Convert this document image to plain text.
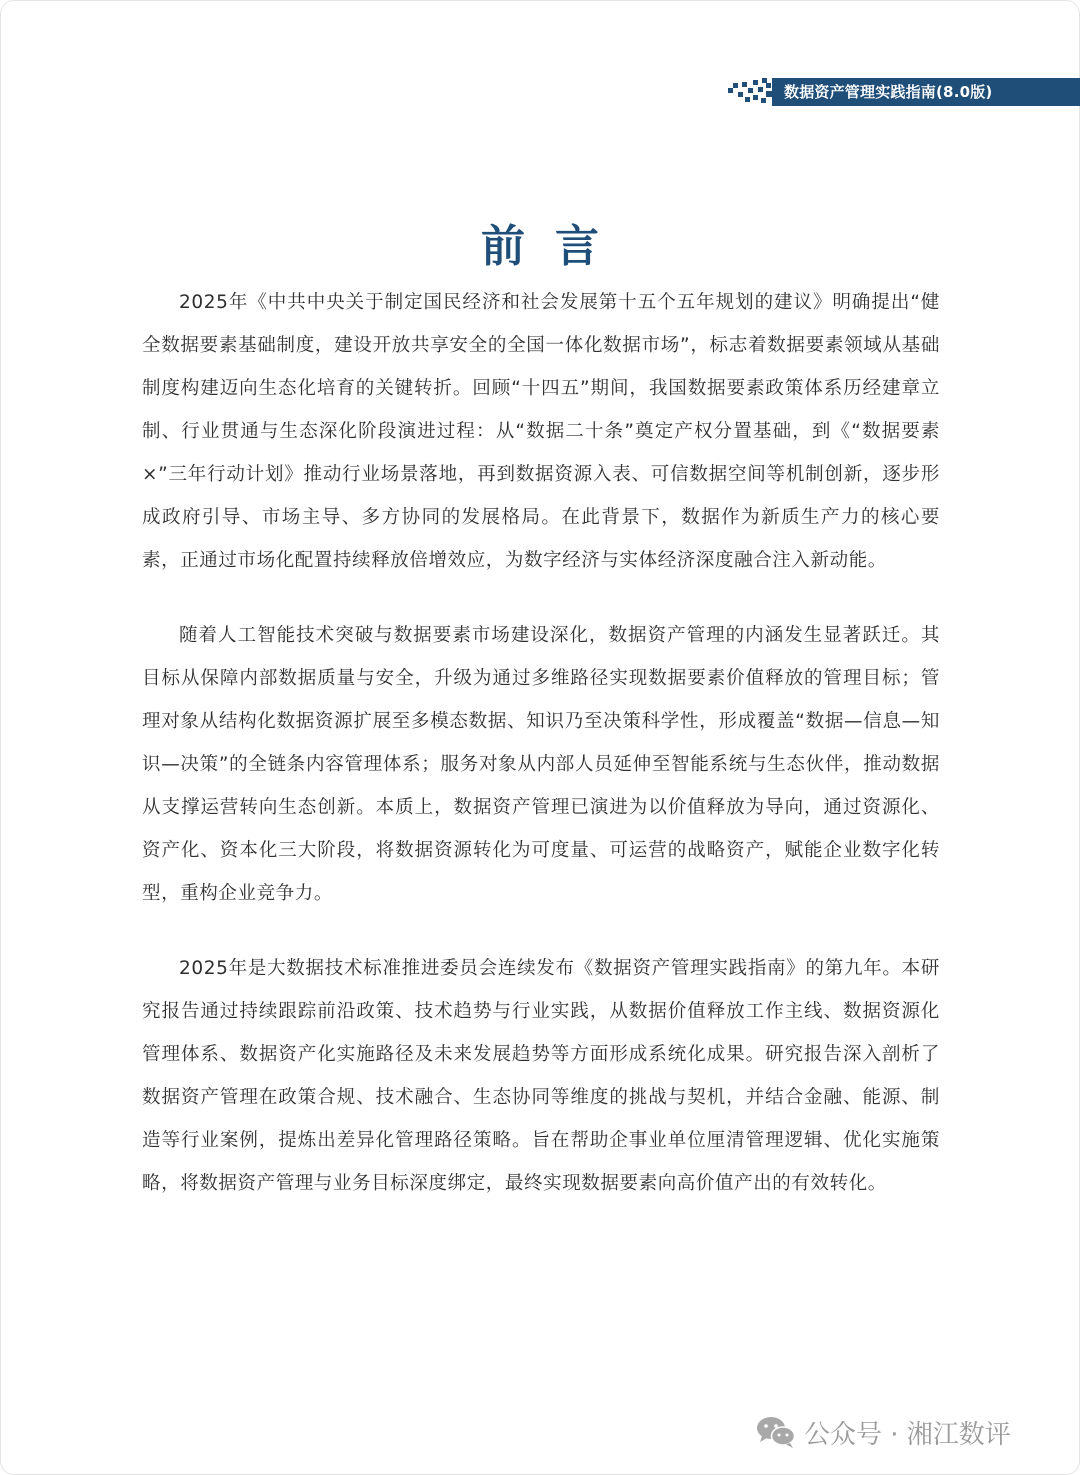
数据资产管理实践指南(8.0版)
前言

2025年《中共中央关于制定国民经济和社会发展第十五个五年规划的建议》明确提出“健全数据要素基础制度，建设开放共享安全的全国一体化数据市场”，标志着数据要素领域从基础制度构建迈向生态化培育的关键转折。回顾“十四五”期间，我国数据要素政策体系历经建章立制、行业贯通与生态深化阶段演进过程：从“数据二十条”奠定产权分置基础，到《“数据要素×”三年行动计划》推动行业场景落地，再到数据资源入表、可信数据空间等机制创新，逐步形成政府引导、市场主导、多方协同的发展格局。在此背景下，数据作为新质生产力的核心要素，正通过市场化配置持续释放倍增效应，为数字经济与实体经济深度融合注入新动能。

随着人工智能技术突破与数据要素市场建设深化，数据资产管理的内涵发生显著跃迁。其目标从保障内部数据质量与安全，升级为通过多维路径实现数据要素价值释放的管理目标；管理对象从结构化数据资源扩展至多模态数据、知识乃至决策科学性，形成覆盖“数据—信息—知识—决策”的全链条内容管理体系；服务对象从内部人员延伸至智能系统与生态伙伴，推动数据从支撑运营转向生态创新。本质上，数据资产管理已演进为以价值释放为导向，通过资源化、资产化、资本化三大阶段，将数据资源转化为可度量、可运营的战略资产，赋能企业数字化转型，重构企业竞争力。

2025年是大数据技术标准推进委员会连续发布《数据资产管理实践指南》的第九年。本研究报告通过持续跟踪前沿政策、技术趋势与行业实践，从数据价值释放工作主线、数据资源化管理体系、数据资产化实施路径及未来发展趋势等方面形成系统化成果。研究报告深入剖析了数据资产管理在政策合规、技术融合、生态协同等维度的挑战与契机，并结合金融、能源、制造等行业案例，提炼出差异化管理路径策略。旨在帮助企事业单位厘清管理逻辑、优化实施策略，将数据资产管理与业务目标深度绑定，最终实现数据要素向高价值产出的有效转化。

公众号 · 湘江数评
